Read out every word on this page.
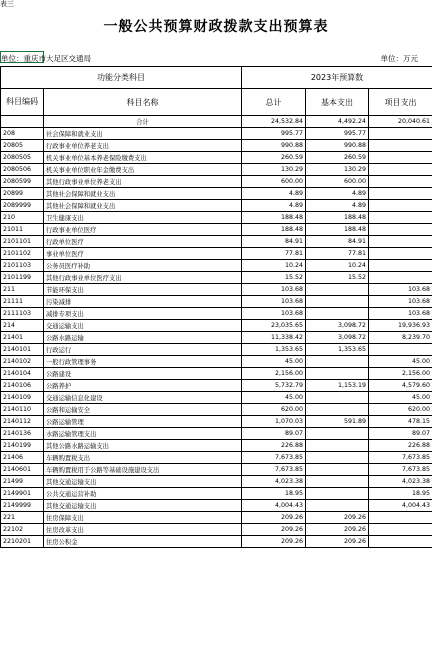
表三
一般公共预算财政拨款支出预算表
单位：重庆市大足区交通局	单位：万元
功能分类科目		2023年预算数		
科目编码	科目名称	总计	基本支出	项目支出
	合计	24,532.84	4,492.24	20,040.61
208	社会保障和就业支出	995.77	995.77	
20805	行政事业单位养老支出	990.88	990.88	
2080505	机关事业单位基本养老保险缴费支出	260.59	260.59	
2080506	机关事业单位职业年金缴费支出	130.29	130.29	
2080599	其他行政事业单位养老支出	600.00	600.00	
20899	其他社会保障和就业支出	4.89	4.89	
2089999	其他社会保障和就业支出	4.89	4.89	
210	卫生健康支出	188.48	188.48	
21011	行政事业单位医疗	188.48	188.48	
2101101	行政单位医疗	84.91	84.91	
2101102	事业单位医疗	77.81	77.81	
2101103	公务员医疗补助	10.24	10.24	
2101199	其他行政事业单位医疗支出	15.52	15.52	
211	节能环保支出	103.68		103.68
21111	污染减排	103.68		103.68
2111103	减排专项支出	103.68		103.68
214	交通运输支出	23,035.65	3,098.72	19,936.93
21401	公路水路运输	11,338.42	3,098.72	8,239.70
2140101	行政运行	1,353.65	1,353.65	
2140102	一般行政管理事务	45.00		45.00
2140104	公路建设	2,156.00		2,156.00
2140106	公路养护	5,732.79	1,153.19	4,579.60
2140109	交通运输信息化建设	45.00		45.00
2140110	公路和运输安全	620.00		620.00
2140112	公路运输管理	1,070.03	591.89	478.15
2140136	水路运输管理支出	89.07		89.07
2140199	其他公路水路运输支出	226.88		226.88
21406	车辆购置税支出	7,673.85		7,673.85
2140601	车辆购置税用于公路等基础设施建设支出	7,673.85		7,673.85
21499	其他交通运输支出	4,023.38		4,023.38
2149901	公共交通运营补助	18.95		18.95
2149999	其他交通运输支出	4,004.43		4,004.43
221	住房保障支出	209.26	209.26	
22102	住房改革支出	209.26	209.26	
2210201	住房公积金	209.26	209.26	
